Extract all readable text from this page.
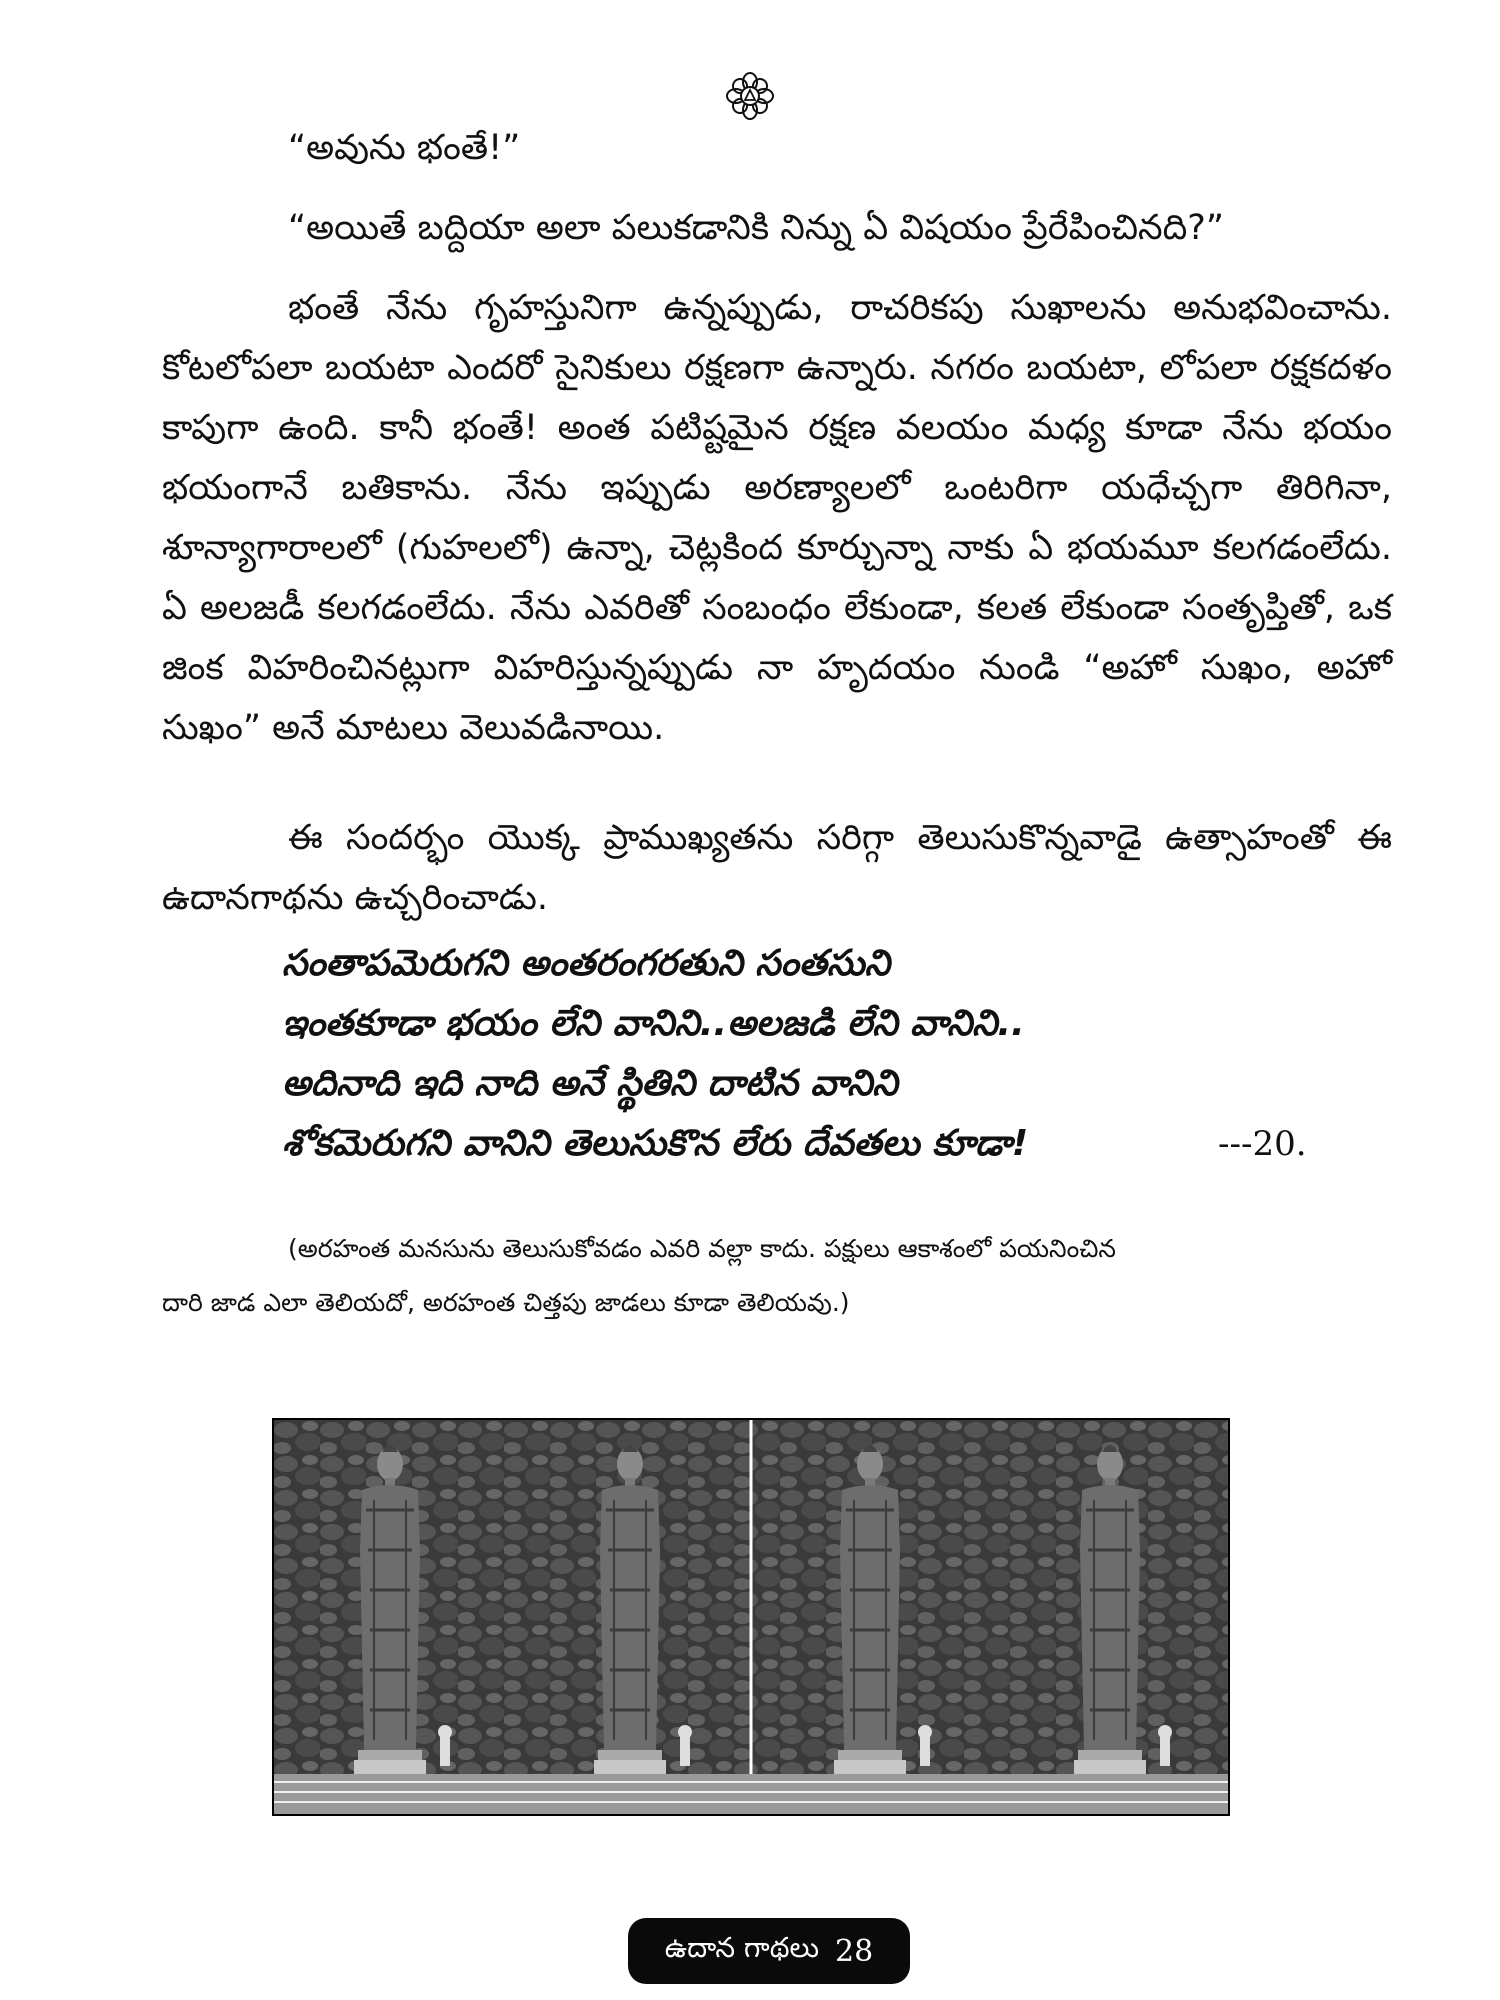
“అవును భంతే!”

“అయితే బద్దియా అలా పలుకడానికి నిన్ను ఏ విషయం ప్రేరేపించినది?”

భంతే నేను గృహస్తునిగా ఉన్నప్పుడు, రాచరికపు సుఖాలను అనుభవించాను. కోటలోపలా బయటా ఎందరో సైనికులు రక్షణగా ఉన్నారు. నగరం బయటా, లోపలా రక్షకదళం కాపుగా ఉంది. కానీ భంతే! అంత పటిష్టమైన రక్షణ వలయం మధ్య కూడా నేను భయం భయంగానే బతికాను. నేను ఇప్పుడు అరణ్యాలలో ఒంటరిగా యధేచ్చగా తిరిగినా, శూన్యాగారాలలో (గుహలలో) ఉన్నా, చెట్లకింద కూర్చున్నా నాకు ఏ భయమూ కలగడంలేదు. ఏ అలజడీ కలగడంలేదు. నేను ఎవరితో సంబంధం లేకుండా, కలత లేకుండా సంతృప్తితో, ఒక జింక విహరించినట్లుగా విహరిస్తున్నప్పుడు నా హృదయం నుండి “అహో సుఖం, అహో సుఖం” అనే మాటలు వెలువడినాయి.

ఈ సందర్భం యొక్క ప్రాముఖ్యతను సరిగ్గా తెలుసుకొన్నవాడై ఉత్సాహంతో ఈ ఉదానగాథను ఉచ్చరించాడు.

సంతాపమెరుగని అంతరంగరతుని సంతసుని
ఇంతకూడా భయం లేని వానిని..అలజడి లేని వానిని..
అదినాది ఇది నాది అనే స్థితిని దాటిన వానిని
శోకమెరుగని వానిని తెలుసుకొన లేరు దేవతలు కూడా!	---20.

(అరహంత మనసును తెలుసుకోవడం ఎవరి వల్లా కాదు. పక్షులు ఆకాశంలో పయనించిన
దారి జాడ ఎలా తెలియదో, అరహంత చిత్తపు జాడలు కూడా తెలియవు.)

ఉదాన గాథలు 28
